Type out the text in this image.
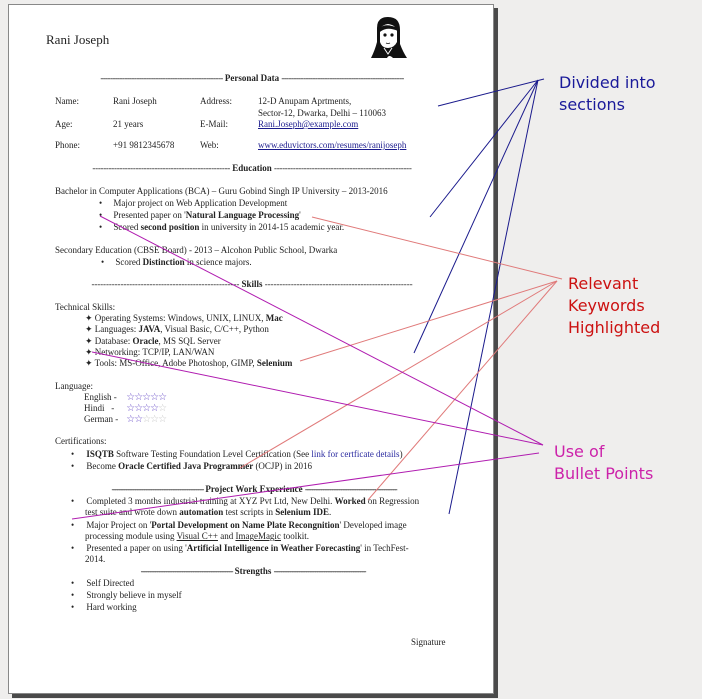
Rani Joseph
--------------------------------------------------- Personal Data ---------------------------------------------------
Name:	Rani Joseph	Address:	12-D Anupam Aprtments,
Sector-12, Dwarka, Delhi – 110063
Age:	21 years	E-Mail:	Rani.Joseph@example.com
Phone:	+91 9812345678	Web:	www.eduvictors.com/resumes/ranijoseph
--------------------------------------------------- Education ---------------------------------------------------
Bachelor in Computer Applications (BCA) – Guru Gobind Singh IP University – 2013-2016
• Major project on Web Application Development
• Presented paper on 'Natural Language Processing'
• Scored second position in university in 2014-15 academic year.
Secondary Education (CBSE Board) - 2013 – Alcohon Public School, Dwarka
• Scored Distinction in science majors.
--------------------------------------------------- Skills ---------------------------------------------------
Technical Skills:
✦ Operating Systems: Windows, UNIX, LINUX, Mac
✦ Languages: JAVA, Visual Basic, C/C++, Python
✦ Database: Oracle, MS SQL Server
✦ Networking: TCP/IP, LAN/WAN
✦ Tools: MS-Office, Adobe Photoshop, GIMP, Selenium
Language:
English - ☆☆☆☆☆
Hindi   - ☆☆☆☆☆
German - ☆☆☆☆☆
Certifications:
• ISQTB Software Testing Foundation Level Certification (See link for certficate details)
• Become Oracle Certified Java Programmer (OCJP) in 2016
--------------------------------------------------- Project Work Experience ---------------------------------------------------
• Completed 3 months industrial training at XYZ Pvt Ltd, New Delhi. Worked on Regression
test suite and wrote down automation test scripts in Selenium IDE.
• Major Project on 'Portal Development on Name Plate Recongnition' Developed image
processing module using Visual C++ and ImageMagic toolkit.
• Presented a paper on using 'Artificial Intelligence in Weather Forecasting' in TechFest-
2014.
--------------------------------------------------- Strengths ---------------------------------------------------
• Self Directed
• Strongly believe in myself
• Hard working
Signature
Divided into
sections
Relevant
Keywords
Highlighted
Use of
Bullet Points
